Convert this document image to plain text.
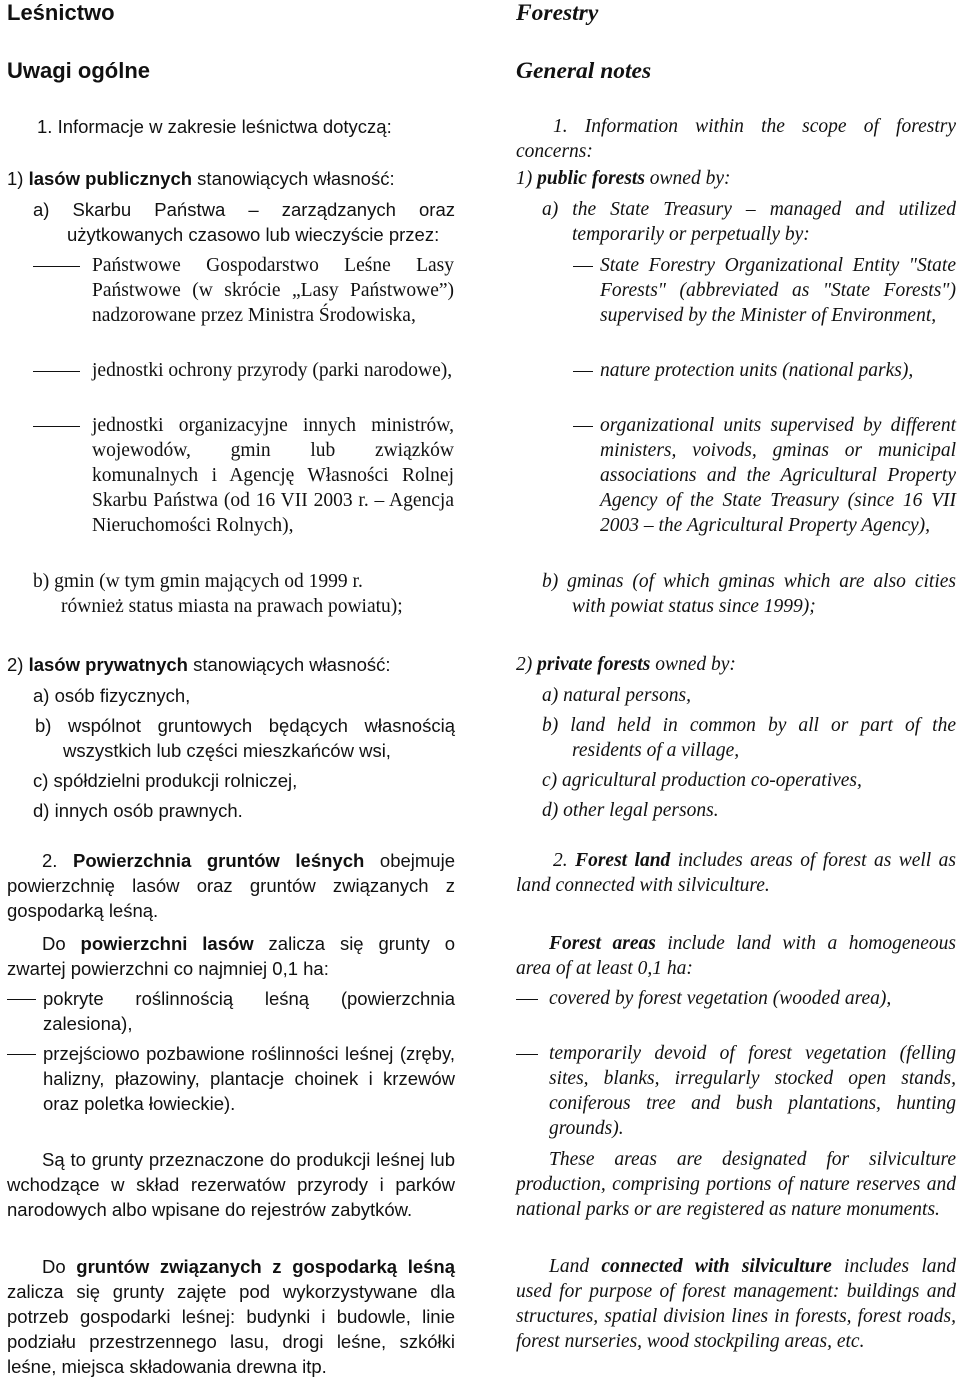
Leśnictwo
Uwagi ogólne
1. Informacje w zakresie leśnictwa dotyczą:
1) lasów publicznych stanowiących własność:
a) Skarbu Państwa – zarządzanych oraz użytkowanych czasowo lub wieczyście przez:
Państwowe Gospodarstwo Leśne Lasy Państwowe (w skrócie „Lasy Państwowe”) nadzorowane przez Ministra Środowiska,
jednostki ochrony przyrody (parki narodowe),
jednostki organizacyjne innych ministrów, wojewodów, gmin lub związków komunalnych i Agencję Własności Rolnej Skarbu Państwa (od 16 VII 2003 r. – Agencja Nieruchomości Rolnych),
b) gmin (w tym gmin mających od 1999 r.
również status miasta na prawach powiatu);
2) lasów prywatnych stanowiących własność:
a) osób fizycznych,
b) wspólnot gruntowych będących własnością wszystkich lub części mieszkańców wsi,
c) spółdzielni produkcji rolniczej,
d) innych osób prawnych.
2. Powierzchnia gruntów leśnych obejmuje powierzchnię lasów oraz gruntów związanych z gospodarką leśną.
Do powierzchni lasów zalicza się grunty o zwartej powierzchni co najmniej 0,1 ha:
pokryte roślinnością leśną (powierzchnia zalesiona),
przejściowo pozbawione roślinności leśnej (zręby, halizny, płazowiny, plantacje choinek i krzewów oraz poletka łowieckie).
Są to grunty przeznaczone do produkcji leśnej lub wchodzące w skład rezerwatów przyrody i parków narodowych albo wpisane do rejestrów zabytków.
Do gruntów związanych z gospodarką leśną zalicza się grunty zajęte pod wykorzystywane dla potrzeb gospodarki leśnej: budynki i budowle, linie podziału przestrzennego lasu, drogi leśne, szkółki leśne, miejsca składowania drewna itp.
Forestry
General notes
1. Information within the scope of forestry concerns:
1) public forests owned by:
a) the State Treasury – managed and utilized temporarily or perpetually by:
State Forestry Organizational Entity "State Forests" (abbreviated as "State Forests") supervised by the Minister of Environment,
nature protection units (national parks),
organizational units supervised by different ministers, voivods, gminas or municipal associations and the Agricultural Property Agency of the State Treasury (since 16 VII 2003 – the Agricultural Property Agency),
b) gminas (of which gminas which are also cities with powiat status since 1999);
2) private forests owned by:
a) natural persons,
b) land held in common by all or part of the residents of a village,
c) agricultural production co-operatives,
d) other legal persons.
2. Forest land includes areas of forest as well as land connected with silviculture.
Forest areas include land with a homogeneous area of at least 0,1 ha:
covered by forest vegetation (wooded area),
temporarily devoid of forest vegetation (felling sites, blanks, irregularly stocked open stands, coniferous tree and bush plantations, hunting grounds).
These areas are designated for silviculture production, comprising portions of nature reserves and national parks or are registered as nature monuments.
Land connected with silviculture includes land used for purpose of forest management: buildings and structures, spatial division lines in forests, forest roads, forest nurseries, wood stockpiling areas, etc.
